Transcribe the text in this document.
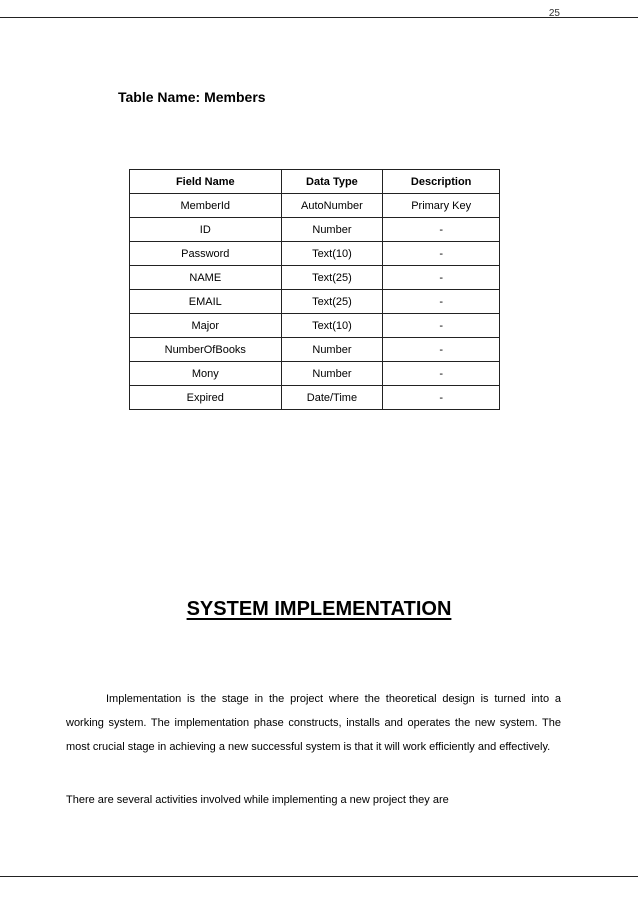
25
Table Name: Members
Field Name	Data Type	Description
MemberId	AutoNumber	Primary Key
ID	Number	-
Password	Text(10)	-
NAME	Text(25)	-
EMAIL	Text(25)	-
Major	Text(10)	-
NumberOfBooks	Number	-
Mony	Number	-
Expired	Date/Time	-
SYSTEM IMPLEMENTATION

Implementation is the stage in the project where the theoretical design is turned into a working system. The implementation phase constructs, installs and operates the new system. The most crucial stage in achieving a new successful system is that it will work efficiently and effectively.

There are several activities involved while implementing a new project they are
